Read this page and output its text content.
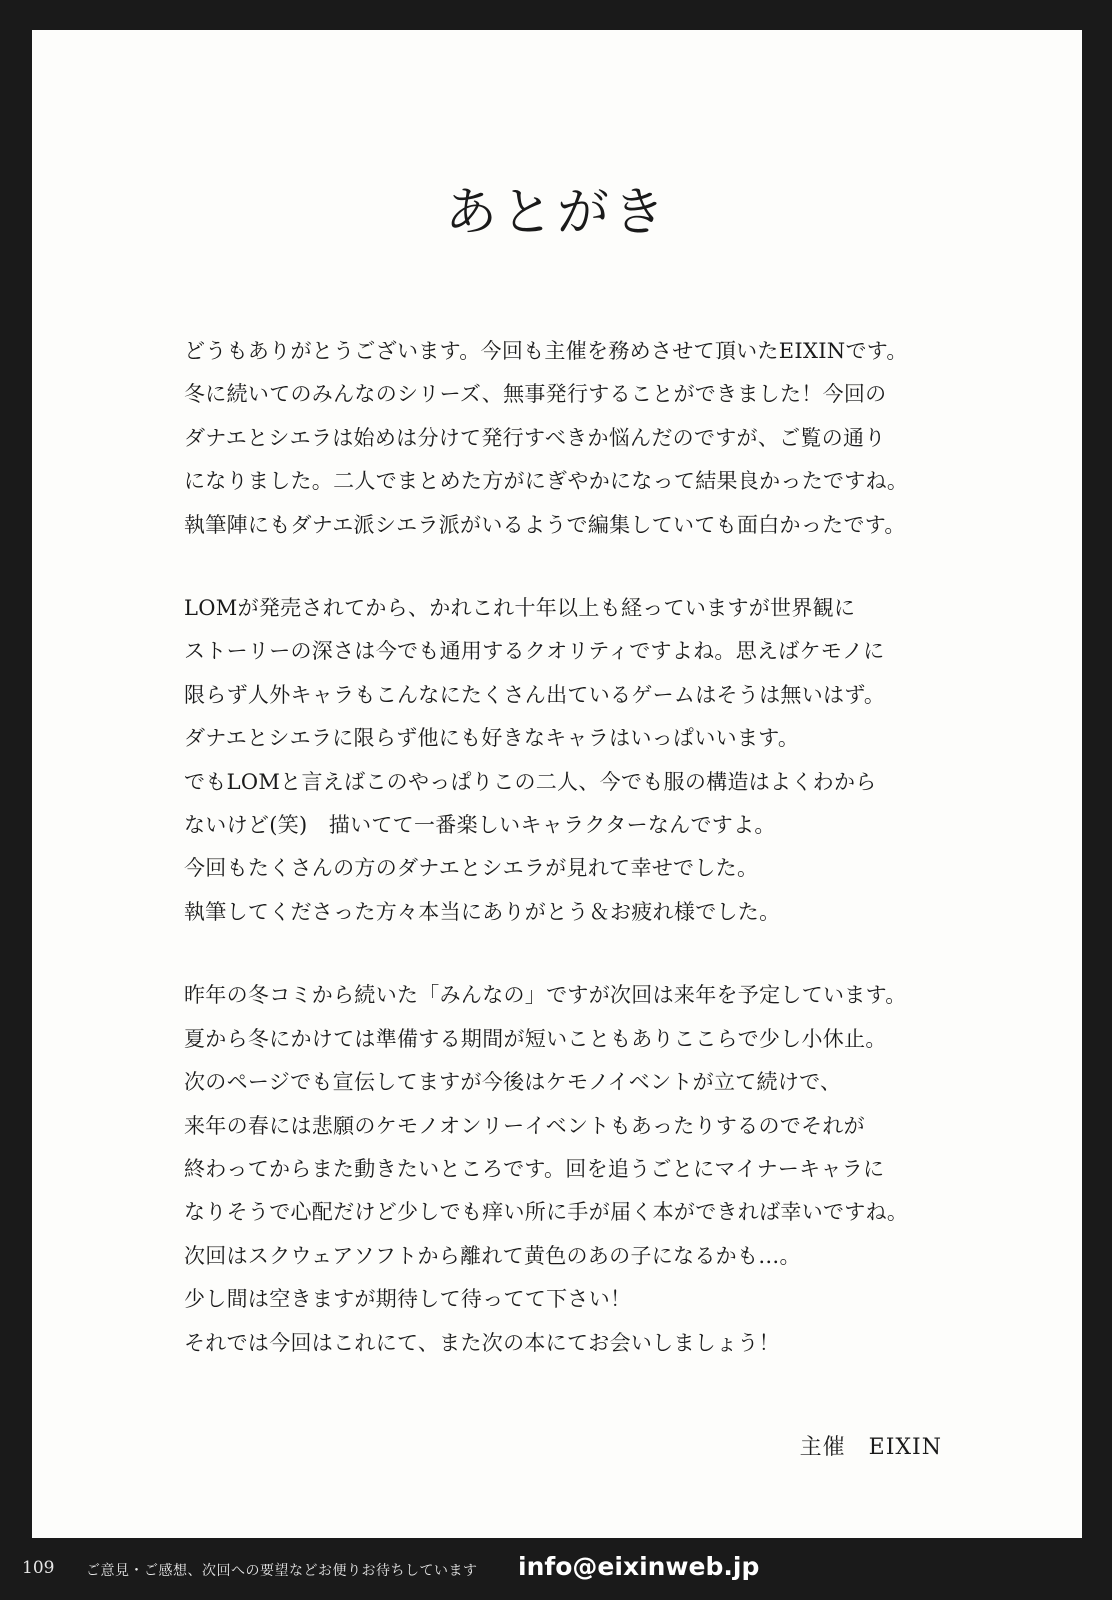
あとがき
どうもありがとうございます。今回も主催を務めさせて頂いたEIXINです。
冬に続いてのみんなのシリーズ、無事発行することができました！今回の
ダナエとシエラは始めは分けて発行すべきか悩んだのですが、ご覧の通り
になりました。二人でまとめた方がにぎやかになって結果良かったですね。
執筆陣にもダナエ派シエラ派がいるようで編集していても面白かったです。
LOMが発売されてから、かれこれ十年以上も経っていますが世界観に
ストーリーの深さは今でも通用するクオリティですよね。思えばケモノに
限らず人外キャラもこんなにたくさん出ているゲームはそうは無いはず。
ダナエとシエラに限らず他にも好きなキャラはいっぱいいます。
でもLOMと言えばこのやっぱりこの二人、今でも服の構造はよくわから
ないけど(笑)　描いてて一番楽しいキャラクターなんですよ。
今回もたくさんの方のダナエとシエラが見れて幸せでした。
執筆してくださった方々本当にありがとう＆お疲れ様でした。
昨年の冬コミから続いた「みんなの」ですが次回は来年を予定しています。
夏から冬にかけては準備する期間が短いこともありここらで少し小休止。
次のページでも宣伝してますが今後はケモノイベントが立て続けで、
来年の春には悲願のケモノオンリーイベントもあったりするのでそれが
終わってからまた動きたいところです。回を追うごとにマイナーキャラに
なりそうで心配だけど少しでも痒い所に手が届く本ができれば幸いですね。
次回はスクウェアソフトから離れて黄色のあの子になるかも…。
少し間は空きますが期待して待ってて下さい！
それでは今回はこれにて、また次の本にてお会いしましょう！
主催　EIXIN
109 ご意見・ご感想、次回への要望などお便りお待ちしています info@eixinweb.jp
